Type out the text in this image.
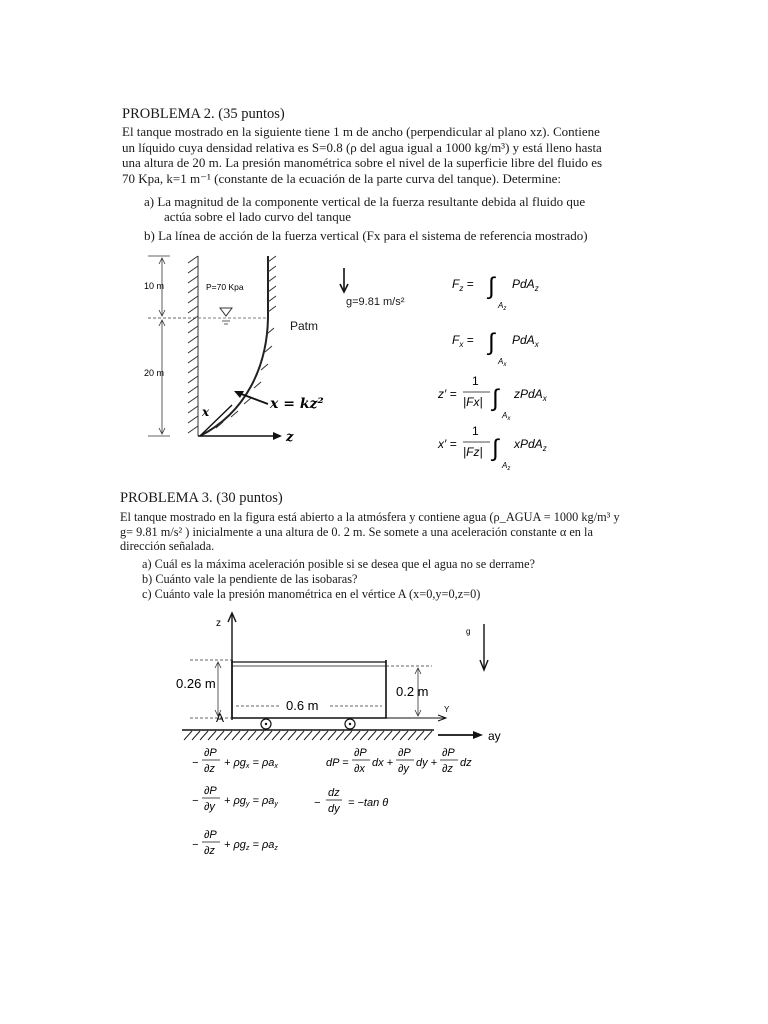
PROBLEMA 2. (35 puntos)
El tanque mostrado en la siguiente tiene 1 m de ancho (perpendicular al plano xz). Contiene
un líquido cuya densidad relativa es S=0.8 (ρ del agua igual a 1000 kg/m³) y está lleno hasta
una altura de 20 m. La presión manométrica sobre el nivel de la superficie libre del fluido es
70 Kpa, k=1 m⁻¹ (constante de la ecuación de la parte curva del tanque). Determine:
a) La magnitud de la componente vertical de la fuerza resultante debida al fluido que
actúa sobre el lado curvo del tanque
b) La línea de acción de la fuerza vertical (Fx para el sistema de referencia mostrado)
10 m
20 m
P=70 Kpa
z
x	x = kz²
g=9.81 m/s²
Patm
$F_z$ = ∫
$A_z$
PdA$_z$
$F_x$ = ∫
$A_x$
PdA$_x$
z′ =
1
|Fx| ∫
$A_x$
zPdA$_x$
x′ =
1
|Fz| ∫
$A_z$
xPdA$_z$
PROBLEMA 3. (30 puntos)
El tanque mostrado en la figura está abierto a la atmósfera y contiene agua (ρ_AGUA = 1000 kg/m³ y
g= 9.81 m/s² ) inicialmente a una altura de 0. 2 m. Se somete a una aceleración constante α en la
dirección señalada.
a) Cuál es la máxima aceleración posible si se desea que el agua no se derrame?
b) Cuánto vale la pendiente de las isobaras?
c) Cuánto vale la presión manométrica en el vértice A (x=0,y=0,z=0)
z
0.26 m
0.2 m
0.6 m
A
Y
ay
g
−
∂P
∂z + ρgx = ρax
−
∂P
∂y + ρgy = ρay
−
∂P
∂z + ρgz = ρaz
dP =
∂P
∂x dx +
∂P
∂y dy +
∂P
∂z dz
−
dz
dy = −tan θ
